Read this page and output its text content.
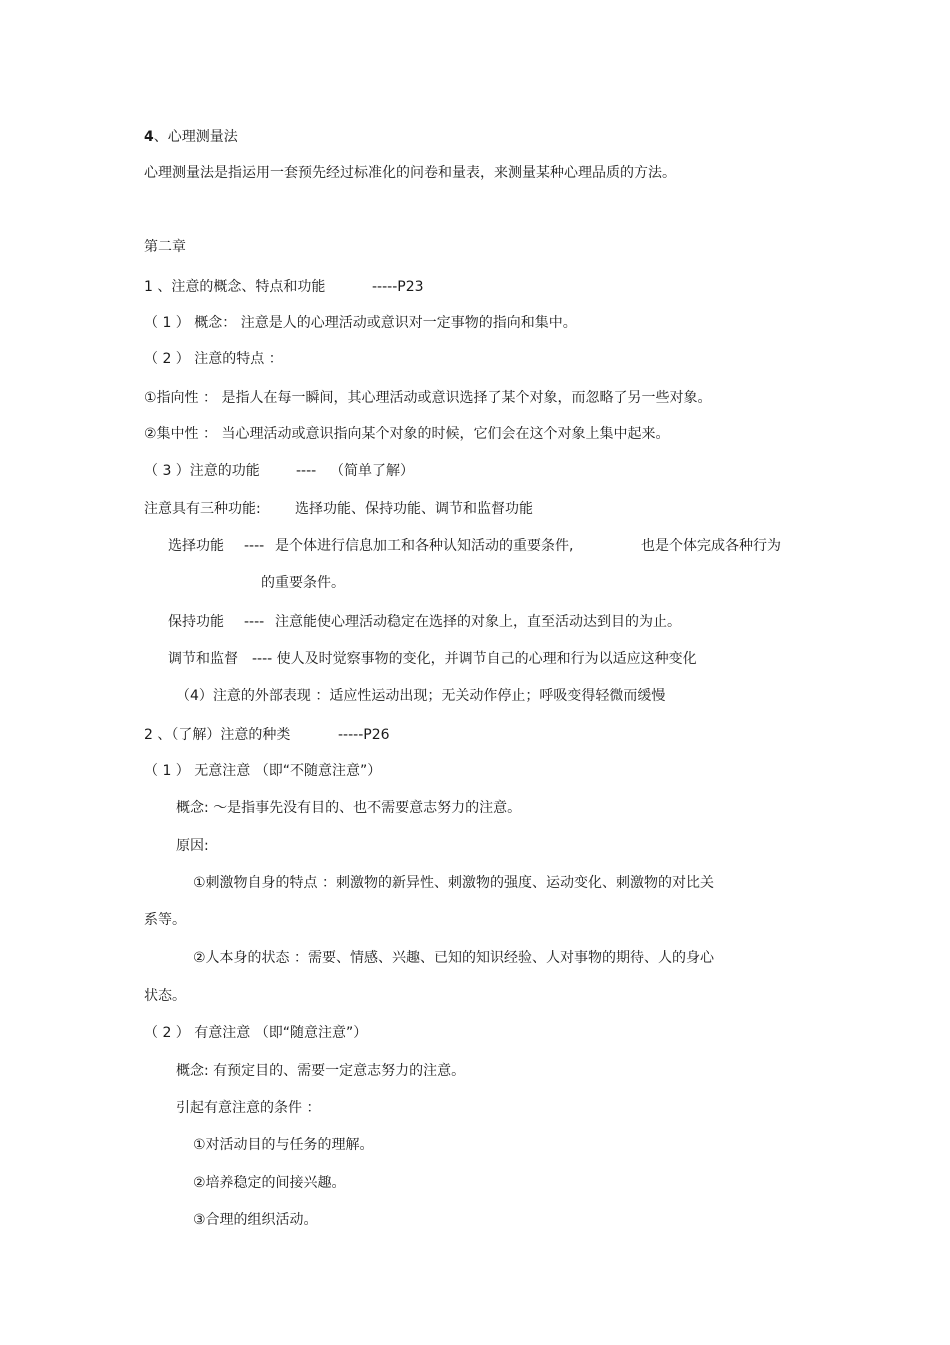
4、心理测量法
心理测量法是指运用一套预先经过标准化的问卷和量表，来测量某种心理品质的方法。
第二章
1 、注意的概念、特点和功能	-----P23
（ 1 ） 概念： 注意是人的心理活动或意识对一定事物的指向和集中。
（ 2 ） 注意的特点 ：
①指向性 ： 是指人在每一瞬间，其心理活动或意识选择了某个对象，而忽略了另一些对象。
②集中性 ： 当心理活动或意识指向某个对象的时候，它们会在这个对象上集中起来。
（ 3 ）注意的功能	---- （简单了解）
注意具有三种功能: 选择功能、保持功能、调节和监督功能
选择功能 ---- 是个体进行信息加工和各种认知活动的重要条件,	也是个体完成各种行为
的重要条件。
保持功能 ---- 注意能使心理活动稳定在选择的对象上，直至活动达到目的为止。
调节和监督 ---- 使人及时觉察事物的变化，并调节自己的心理和行为以适应这种变化
（4）注意的外部表现 ：适应性运动出现；无关动作停止；呼吸变得轻微而缓慢
2 、（了解）注意的种类	-----P26
（ 1 ） 无意注意 （即“不随意注意”）
概念: ～是指事先没有目的、也不需要意志努力的注意。
原因:
①刺激物自身的特点 ：刺激物的新异性、刺激物的强度、运动变化、刺激物的对比关
系等。
②人本身的状态 ：需要、情感、兴趣、已知的知识经验、人对事物的期待、人的身心
状态。
（ 2 ） 有意注意 （即“随意注意”）
概念: 有预定目的、需要一定意志努力的注意。
引起有意注意的条件 ：
①对活动目的与任务的理解。
②培养稳定的间接兴趣。
③合理的组织活动。
